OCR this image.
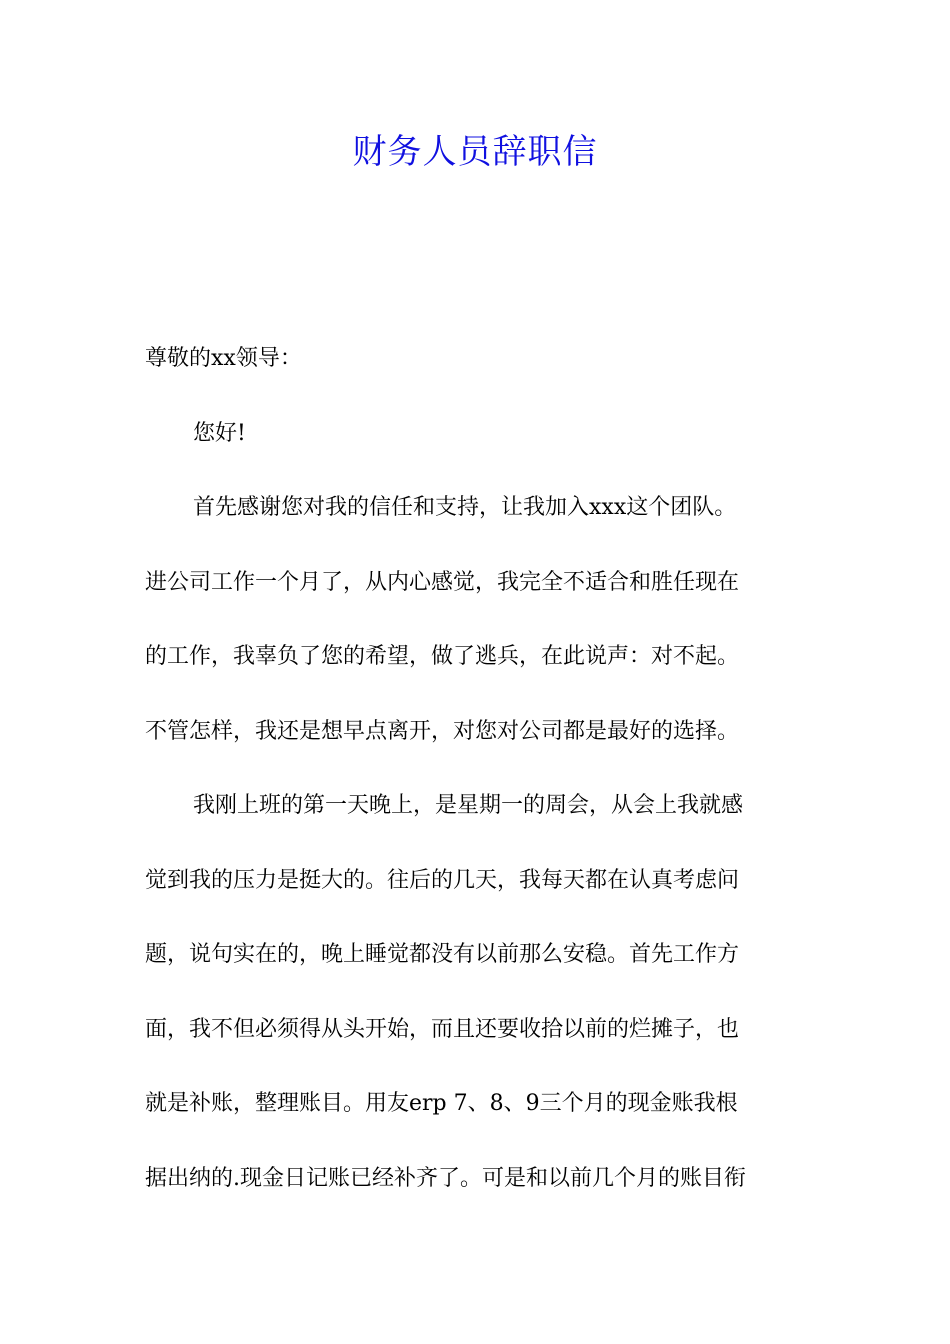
财务人员辞职信
尊敬的xx领导：
您好!
首先感谢您对我的信任和支持，让我加入xxx这个团队。
进公司工作一个月了，从内心感觉，我完全不适合和胜任现在
的工作，我辜负了您的希望，做了逃兵，在此说声：对不起。
不管怎样，我还是想早点离开，对您对公司都是最好的选择。
我刚上班的第一天晚上，是星期一的周会，从会上我就感
觉到我的压力是挺大的。往后的几天，我每天都在认真考虑问
题，说句实在的，晚上睡觉都没有以前那么安稳。首先工作方
面，我不但必须得从头开始，而且还要收拾以前的烂摊子，也
就是补账，整理账目。用友erp 7、8、9三个月的现金账我根
据出纳的.现金日记账已经补齐了。可是和以前几个月的账目衔
